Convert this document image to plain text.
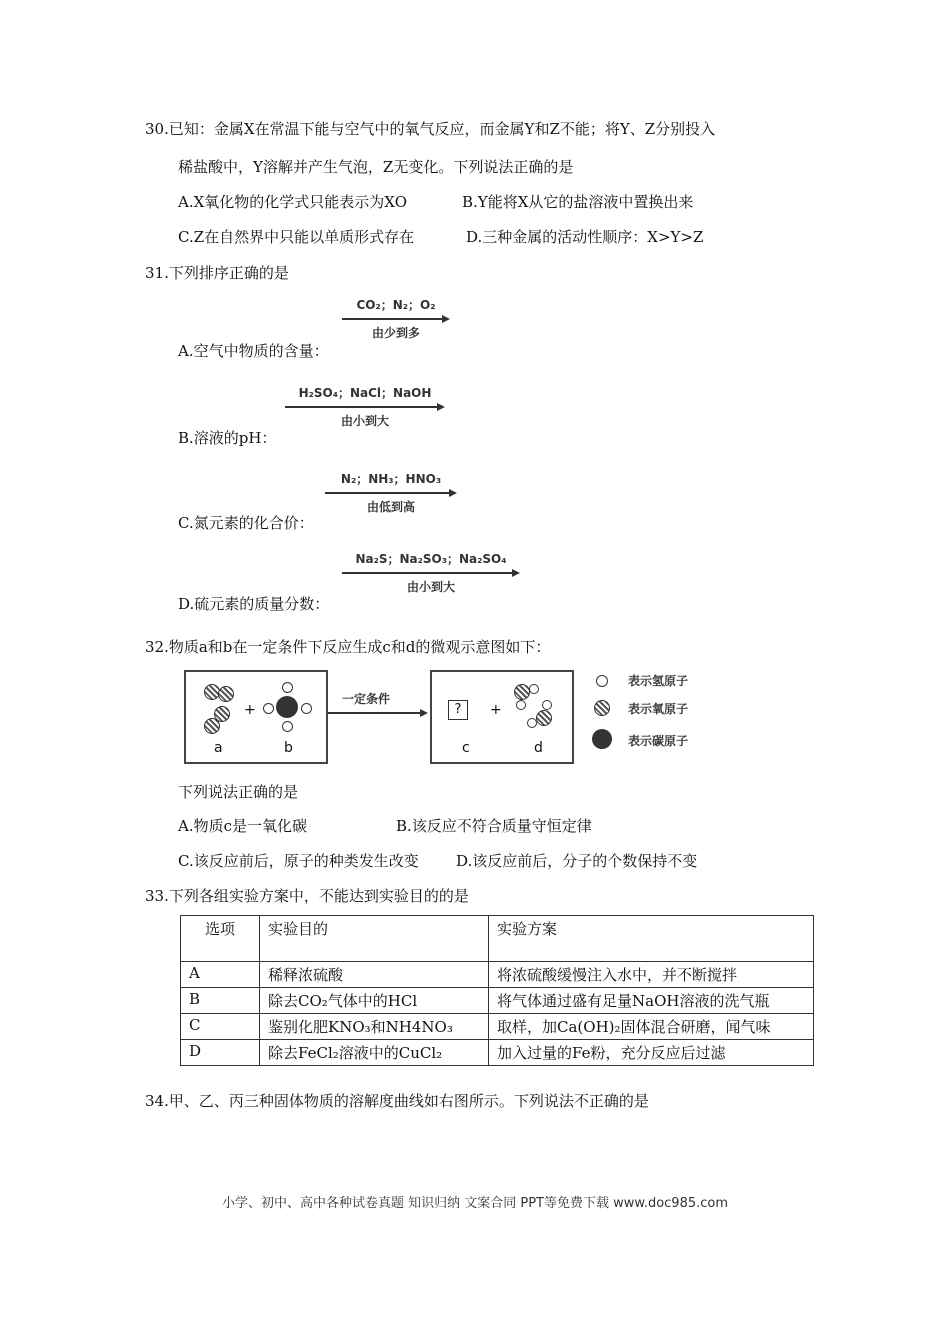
30.已知：金属X在常温下能与空气中的氧气反应，而金属Y和Z不能；将Y、Z分别投入
稀盐酸中，Y溶解并产生气泡，Z无变化。下列说法正确的是
A.X氧化物的化学式只能表示为XO	B.Y能将X从它的盐溶液中置换出来
C.Z在自然界中只能以单质形式存在	D.三种金属的活动性顺序：X>Y>Z
31.下列排序正确的是
A.空气中物质的含量：
CO₂；N₂；O₂
由少到多
B.溶液的pH：
H₂SO₄；NaCl；NaOH
由小到大
C.氮元素的化合价：
N₂；NH₃；HNO₃
由低到高
D.硫元素的质量分数：
Na₂S；Na₂SO₃；Na₂SO₄
由小到大
32.物质a和b在一定条件下反应生成c和d的微观示意图如下：
+
a	b
一定条件
?	+
c	d
表示氢原子
表示氧原子
表示碳原子
下列说法正确的是
A.物质c是一氧化碳	B.该反应不符合质量守恒定律
C.该反应前后，原子的种类发生改变 D.该反应前后，分子的个数保持不变
33.下列各组实验方案中，不能达到实验目的的是
选项	实验目的	实验方案
A	稀释浓硫酸	将浓硫酸缓慢注入水中，并不断搅拌
B	除去CO₂气体中的HCl	将气体通过盛有足量NaOH溶液的洗气瓶
C	鉴别化肥KNO₃和NH4NO₃	取样，加Ca(OH)₂固体混合研磨，闻气味
D	除去FeCl₂溶液中的CuCl₂	加入过量的Fe粉，充分反应后过滤
34.甲、乙、丙三种固体物质的溶解度曲线如右图所示。下列说法不正确的是
小学、初中、高中各种试卷真题 知识归纳 文案合同 PPT等免费下载 www.doc985.com
